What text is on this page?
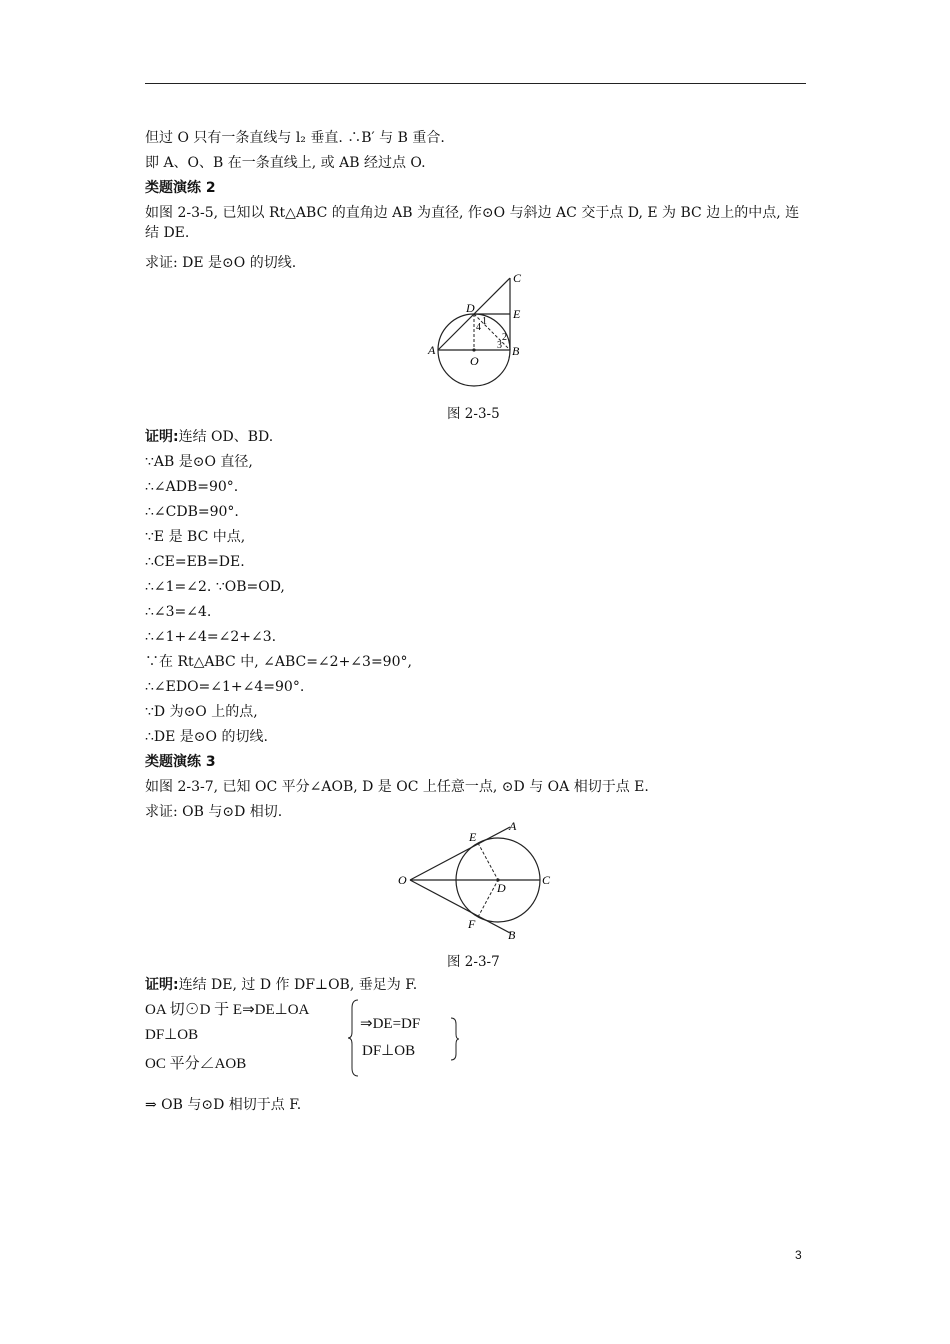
但过 O 只有一条直线与 l₂ 垂直. ∴B′ 与 B 重合.
即 A、O、B 在一条直线上, 或 AB 经过点 O.
类题演练 2
如图 2-3-5, 已知以 Rt△ABC 的直角边 AB 为直径, 作⊙O 与斜边 AC 交于点 D, E 为 BC 边上的中点, 连结 DE.
求证: DE 是⊙O 的切线.
A	B
C
D	E
O
1
2
3
4
图 2-3-5
证明:连结 OD、BD.
∵AB 是⊙O 直径,
∴∠ADB=90°.
∴∠CDB=90°.
∵E 是 BC 中点,
∴CE=EB=DE.
∴∠1=∠2. ∵OB=OD,
∴∠3=∠4.
∴∠1+∠4=∠2+∠3.
∵在 Rt△ABC 中, ∠ABC=∠2+∠3=90°,
∴∠EDO=∠1+∠4=90°.
∵D 为⊙O 上的点,
∴DE 是⊙O 的切线.
类题演练 3
如图 2-3-7, 已知 OC 平分∠AOB, D 是 OC 上任意一点, ⊙D 与 OA 相切于点 E.
求证: OB 与⊙D 相切.
O
A
B
C
D
E
F
图 2-3-7
证明:连结 DE, 过 D 作 DF⊥OB, 垂足为 F.
OA 切⊙D 于 E⇒DE⊥OA
DF⊥OB
OC 平分∠AOB
⇒DE=DF
DF⊥OB
⇒ OB 与⊙D 相切于点 F.
3
